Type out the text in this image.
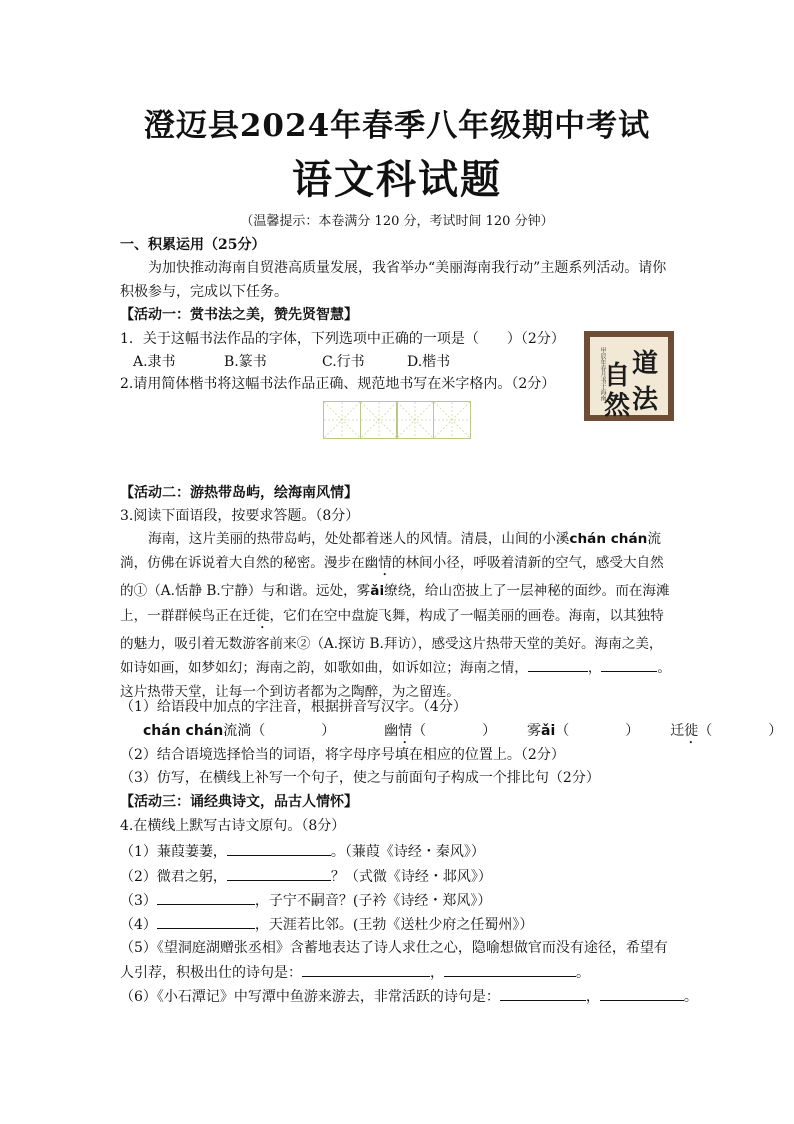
澄迈县2024年春季八年级期中考试
语文科试题
（温馨提示：本卷满分 120 分，考试时间 120 分钟）
一、积累运用（25分）
为加快推动海南自贸港高质量发展，我省举办“美丽海南我行动”主题系列活动。请你积极参与，完成以下任务。
【活动一：赏书法之美，赞先贤智慧】
1．关于这幅书法作品的字体，下列选项中正确的一项是（　　）（2分）
A.隶书	B.篆书	C.行书	D.楷书
2.请用简体楷书将这幅书法作品正确、规范地书写在米字格内。（2分）	甲辰年春月书于海南 道
法
自
然
【活动二：游热带岛屿，绘海南风情】
3.阅读下面语段，按要求答题。（8分）
海南，这片美丽的热带岛屿，处处都着迷人的风情。清晨，山间的小溪chán chán流淌，仿佛在诉说着大自然的秘密。漫步在幽情的林间小径，呼吸着清新的空气，感受大自然的①（A.恬静 B.宁静）与和谐。远处，雾ǎi缭绕，给山峦披上了一层神秘的面纱。而在海滩上，一群群候鸟正在迁徙，它们在空中盘旋飞舞，构成了一幅美丽的画卷。海南，以其独特的魅力，吸引着无数游客前来②（A.探访 B.拜访），感受这片热带天堂的美好。海南之美，如诗如画，如梦如幻；海南之韵，如歌如曲，如诉如泣；海南之情，	，	。这片热带天堂，让每一个到访者都为之陶醉，为之留连。
（1）给语段中加点的字注音，根据拼音写汉字。（4分）
chán chán流淌（　　　　）	幽情（　　　　） 雾ǎi（　　　　） 迁徙（　　　　）
（2）结合语境选择恰当的词语，将字母序号填在相应的位置上。（2分）
（3）仿写，在横线上补写一个句子，使之与前面句子构成一个排比句（2分）
【活动三：诵经典诗文，品古人情怀】
4.在横线上默写古诗文原句。（8分）
（1）蒹葭萋萋，	。（蒹葭《诗经・秦风》）
（2）微君之躬，	？（式微《诗经・邶风》）
（3）	，子宁不嗣音？(子衿《诗经・郑风》）
（4）	，天涯若比邻。(王勃《送杜少府之任蜀州》）
（5）《望洞庭湖赠张丞相》含蓄地表达了诗人求仕之心，隐喻想做官而没有途径，希望有
人引荐，积极出仕的诗句是：	，	。
（6）《小石潭记》中写潭中鱼游来游去，非常活跃的诗句是：	，	。
